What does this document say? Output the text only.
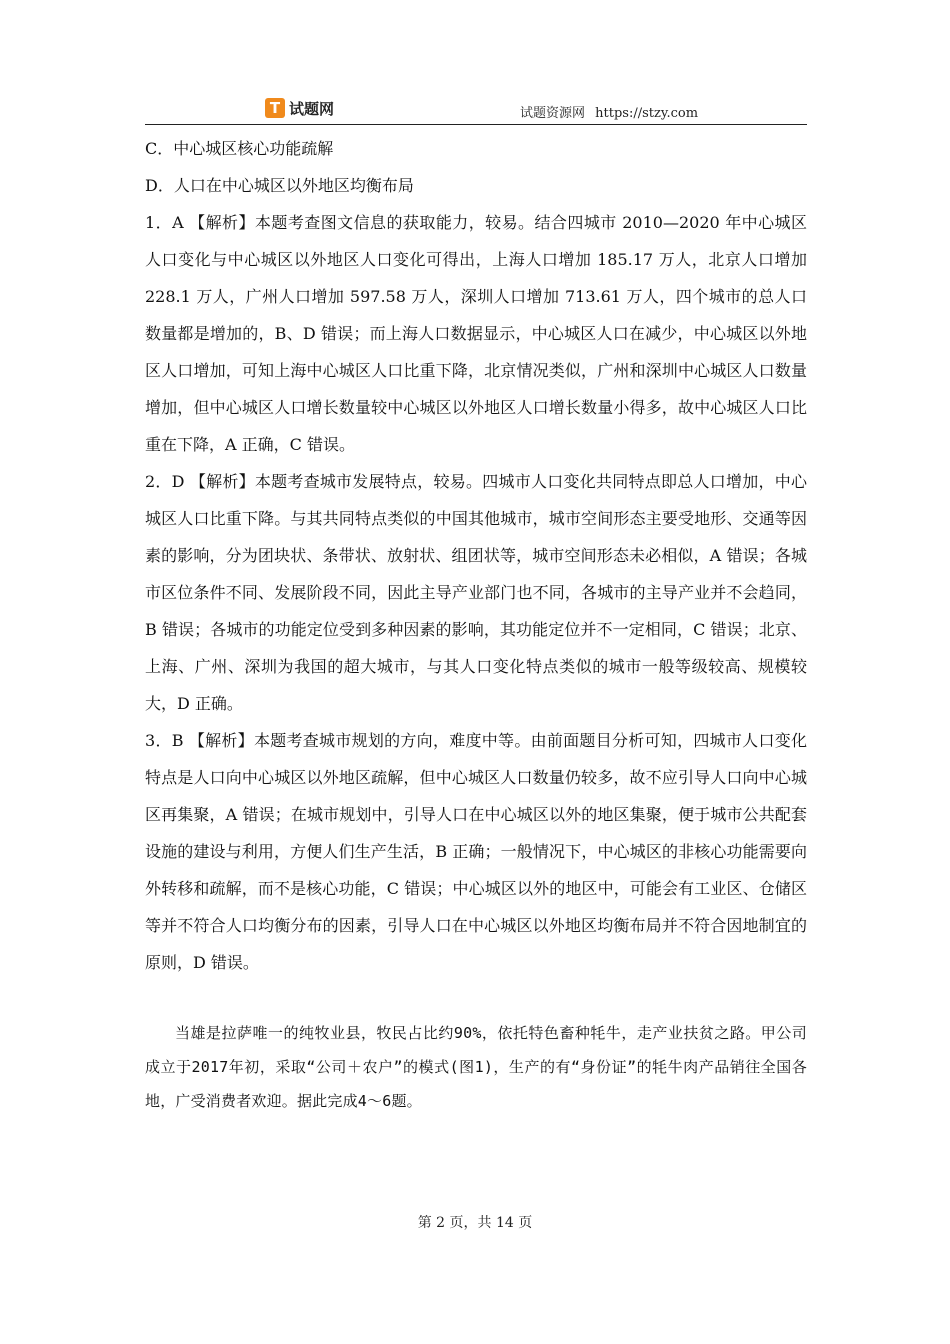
T 试题网	试题资源网 https://stzy.com

C．中心城区核心功能疏解

D．人口在中心城区以外地区均衡布局

1．A 【解析】本题考查图文信息的获取能力，较易。结合四城市 2010—2020 年中心城区人口变化与中心城区以外地区人口变化可得出，上海人口增加 185.17 万人，北京人口增加 228.1 万人，广州人口增加 597.58 万人，深圳人口增加 713.61 万人，四个城市的总人口数量都是增加的，B、D 错误；而上海人口数据显示，中心城区人口在减少，中心城区以外地区人口增加，可知上海中心城区人口比重下降，北京情况类似，广州和深圳中心城区人口数量增加，但中心城区人口增长数量较中心城区以外地区人口增长数量小得多，故中心城区人口比重在下降，A 正确，C 错误。

2．D 【解析】本题考查城市发展特点，较易。四城市人口变化共同特点即总人口增加，中心城区人口比重下降。与其共同特点类似的中国其他城市，城市空间形态主要受地形、交通等因素的影响，分为团块状、条带状、放射状、组团状等，城市空间形态未必相似，A 错误；各城市区位条件不同、发展阶段不同，因此主导产业部门也不同，各城市的主导产业并不会趋同，B 错误；各城市的功能定位受到多种因素的影响，其功能定位并不一定相同，C 错误；北京、上海、广州、深圳为我国的超大城市，与其人口变化特点类似的城市一般等级较高、规模较大，D 正确。

3．B 【解析】本题考查城市规划的方向，难度中等。由前面题目分析可知，四城市人口变化特点是人口向中心城区以外地区疏解，但中心城区人口数量仍较多，故不应引导人口向中心城区再集聚，A 错误；在城市规划中，引导人口在中心城区以外的地区集聚，便于城市公共配套设施的建设与利用，方便人们生产生活，B 正确；一般情况下，中心城区的非核心功能需要向外转移和疏解，而不是核心功能，C 错误；中心城区以外的地区中，可能会有工业区、仓储区等并不符合人口均衡分布的因素，引导人口在中心城区以外地区均衡布局并不符合因地制宜的原则，D 错误。

当雄是拉萨唯一的纯牧业县，牧民占比约90%，依托特色畜种牦牛，走产业扶贫之路。甲公司成立于2017年初，采取“公司＋农户”的模式(图1)，生产的有“身份证”的牦牛肉产品销往全国各地，广受消费者欢迎。据此完成4～6题。

第 2 页，共 14 页
